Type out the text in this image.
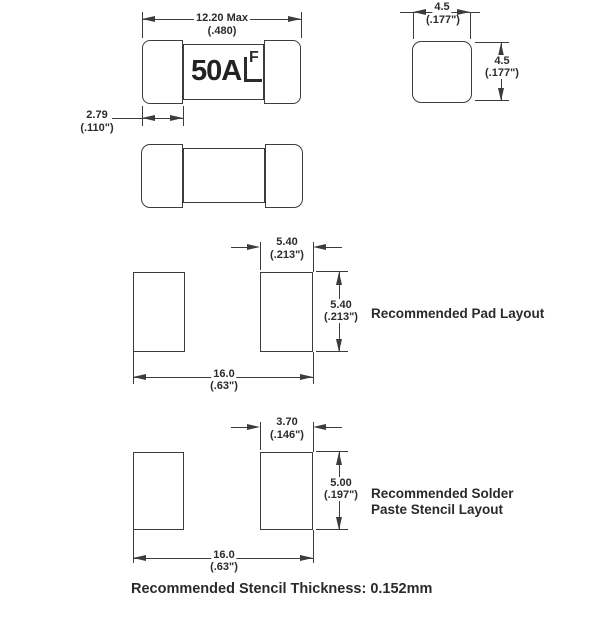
50A F
12.20 Max
(.480)
2.79
(.110")
4.5
(.177")
4.5
(.177")
5.40
(.213")
5.40
(.213")
16.0
(.63")
Recommended Pad Layout
3.70
(.146")
5.00
(.197")
16.0
(.63")
Recommended Solder
Paste Stencil Layout
Recommended Stencil Thickness: 0.152mm
